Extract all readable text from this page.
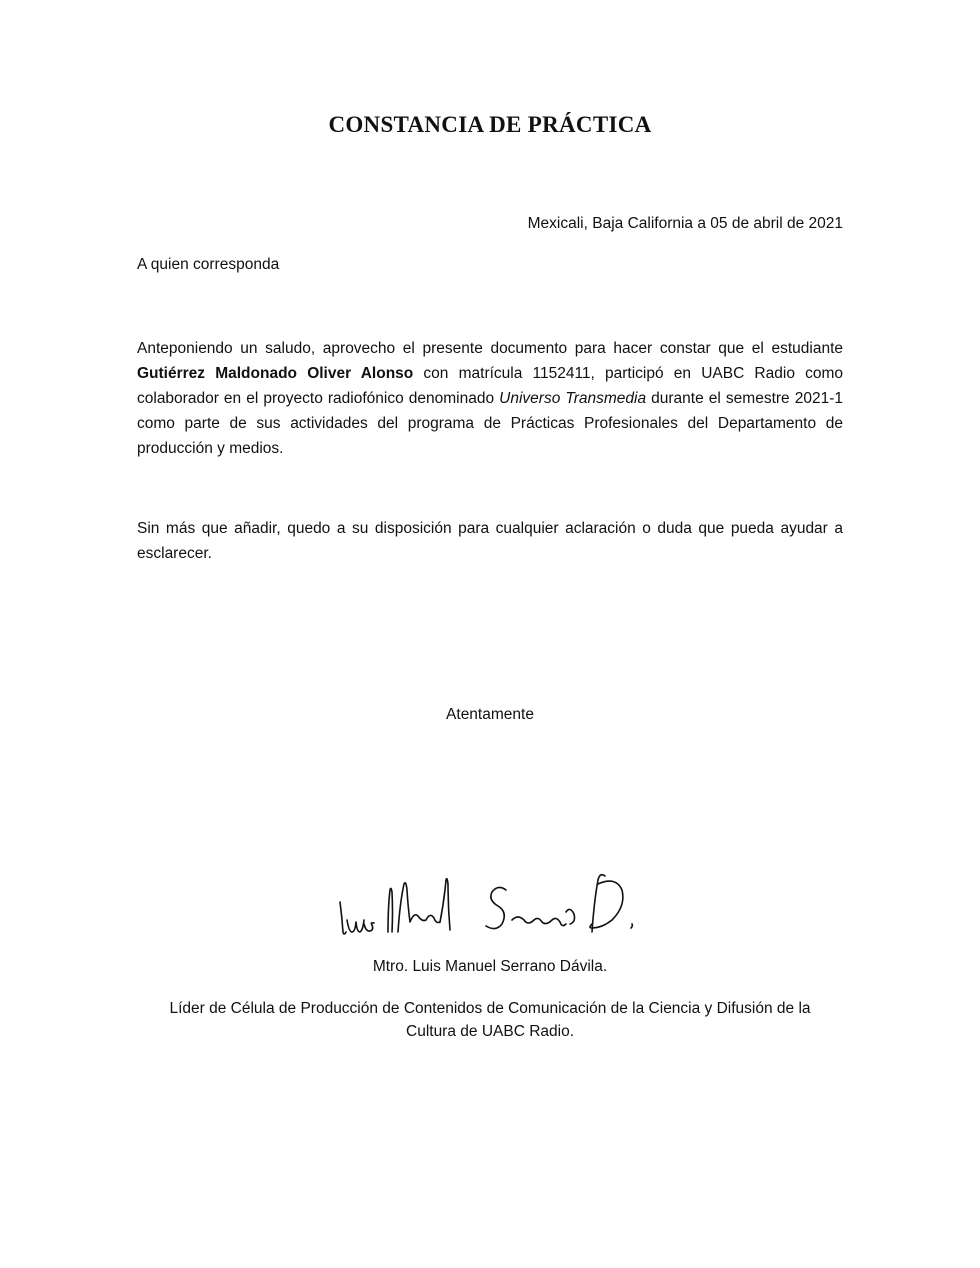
CONSTANCIA DE PRÁCTICA

Mexicali, Baja California a 05 de abril de 2021

A quien corresponda

Anteponiendo un saludo, aprovecho el presente documento para hacer constar que el estudiante Gutiérrez Maldonado Oliver Alonso con matrícula 1152411, participó en UABC Radio como colaborador en el proyecto radiofónico denominado Universo Transmedia durante el semestre 2021-1 como parte de sus actividades del programa de Prácticas Profesionales del Departamento de producción y medios.

Sin más que añadir, quedo a su disposición para cualquier aclaración o duda que pueda ayudar a esclarecer.

Atentamente

Mtro. Luis Manuel Serrano Dávila.

Líder de Célula de Producción de Contenidos de Comunicación de la Ciencia y Difusión de la Cultura de UABC Radio.
